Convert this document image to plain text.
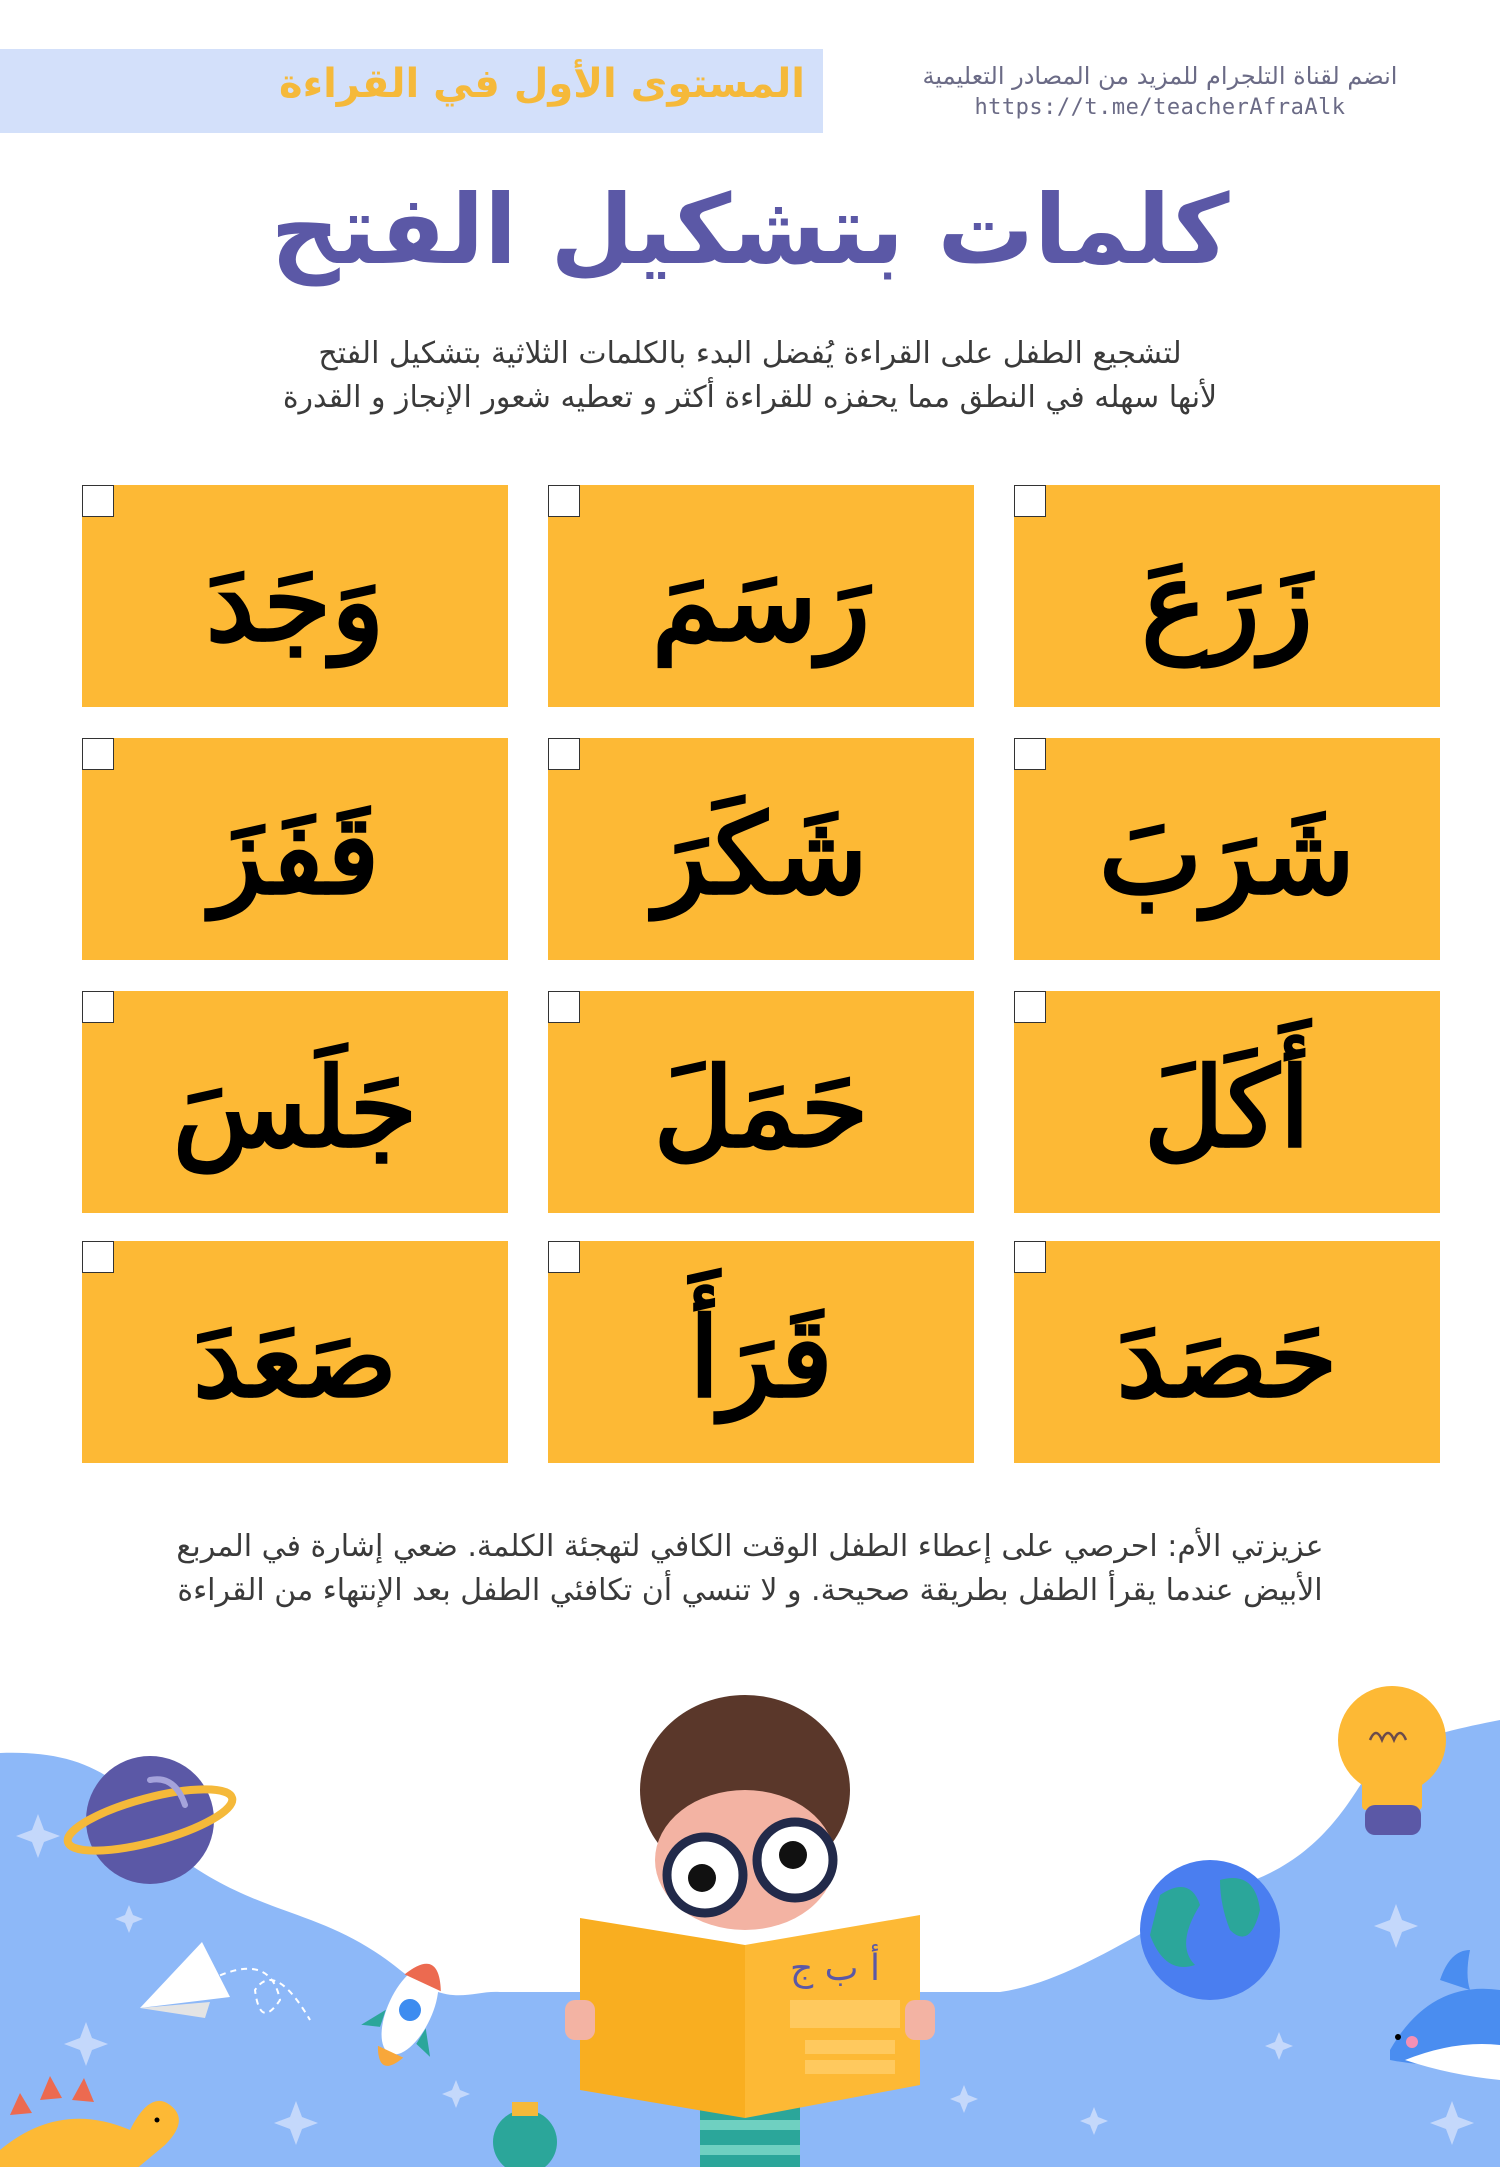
المستوى الأول في القراءة	انضم لقناة التلجرام للمزيد من المصادر التعليمية
https://t.me/teacherAfraAlk
كلمات بتشكيل الفتح
لتشجيع الطفل على القراءة يُفضل البدء بالكلمات الثلاثية بتشكيل الفتح
لأنها سهله في النطق مما يحفزه للقراءة أكثر و تعطيه شعور الإنجاز و القدرة
زَرَعَ
رَسَمَ
وَجَدَ
شَرَبَ
شَكَرَ
قَفَزَ
أَكَلَ
حَمَلَ
جَلَسَ
حَصَدَ
قَرَأَ
صَعَدَ
عزيزتي الأم: احرصي على إعطاء الطفل الوقت الكافي لتهجئة الكلمة. ضعي إشارة في المربع
الأبيض عندما يقرأ الطفل بطريقة صحيحة. و لا تنسي أن تكافئي الطفل بعد الإنتهاء من القراءة
أ ب ج
